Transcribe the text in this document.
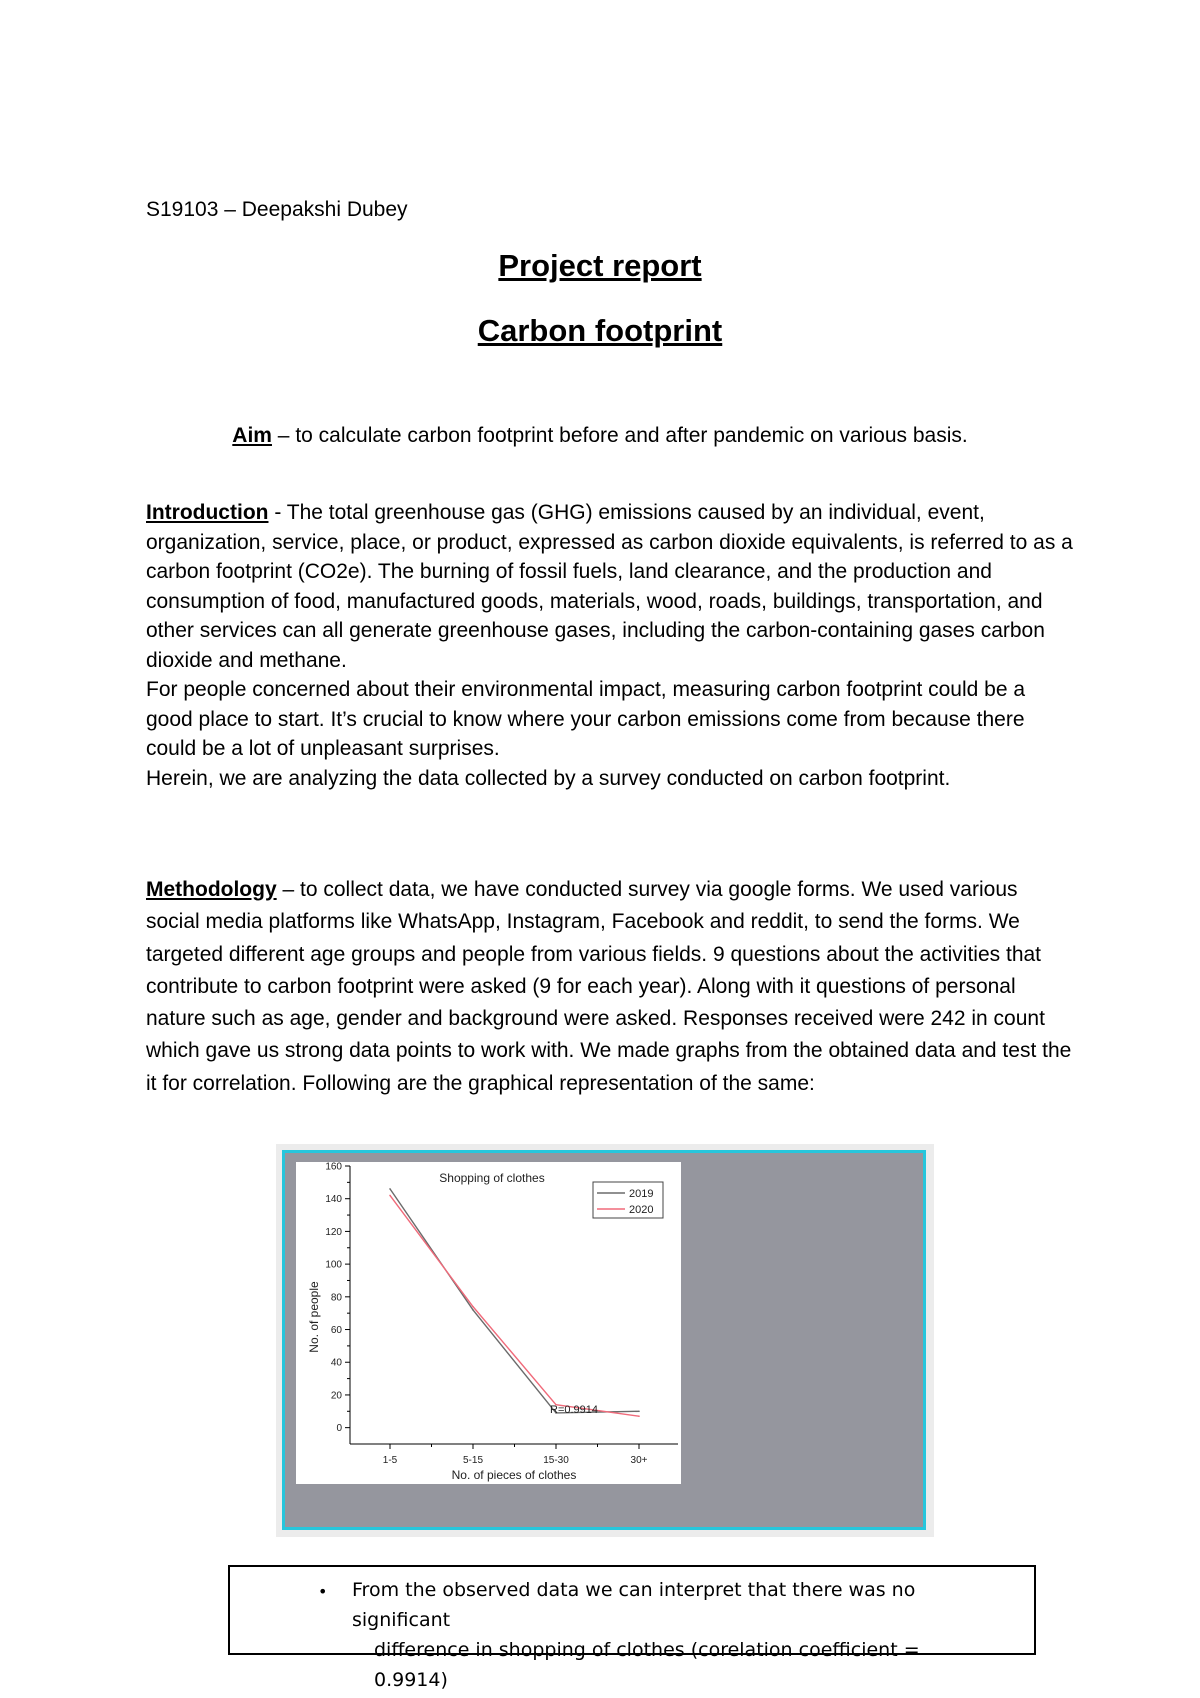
S19103 – Deepakshi Dubey
Project report
Carbon footprint
Aim – to calculate carbon footprint before and after pandemic on various basis.

Introduction - The total greenhouse gas (GHG) emissions caused by an individual, event, organization, service, place, or product, expressed as carbon dioxide equivalents, is referred to as a carbon footprint (CO2e). The burning of fossil fuels, land clearance, and the production and consumption of food, manufactured goods, materials, wood, roads, buildings, transportation, and other services can all generate greenhouse gases, including the carbon-containing gases carbon dioxide and methane.

For people concerned about their environmental impact, measuring carbon footprint could be a good place to start. It’s crucial to know where your carbon emissions come from because there could be a lot of unpleasant surprises.

Herein, we are analyzing the data collected by a survey conducted on carbon footprint.

Methodology – to collect data, we have conducted survey via google forms. We used various social media platforms like WhatsApp, Instagram, Facebook and reddit, to send the forms. We targeted different age groups and people from various fields. 9 questions about the activities that contribute to carbon footprint were asked (9 for each year). Along with it questions of personal nature such as age, gender and background were asked. Responses received were 242 in count which gave us strong data points to work with. We made graphs from the obtained data and test the it for correlation. Following are the graphical representation of the same:

0
20
40
60
80
100
120
140
160
1-5	5-15	15-30	30+
No. of pieces of clothes
No. of people
Shopping of clothes
2019
2020
R=0.9914
• From the observed data we can interpret that there was no significant
difference in shopping of clothes (corelation coefficient = 0.9914)
